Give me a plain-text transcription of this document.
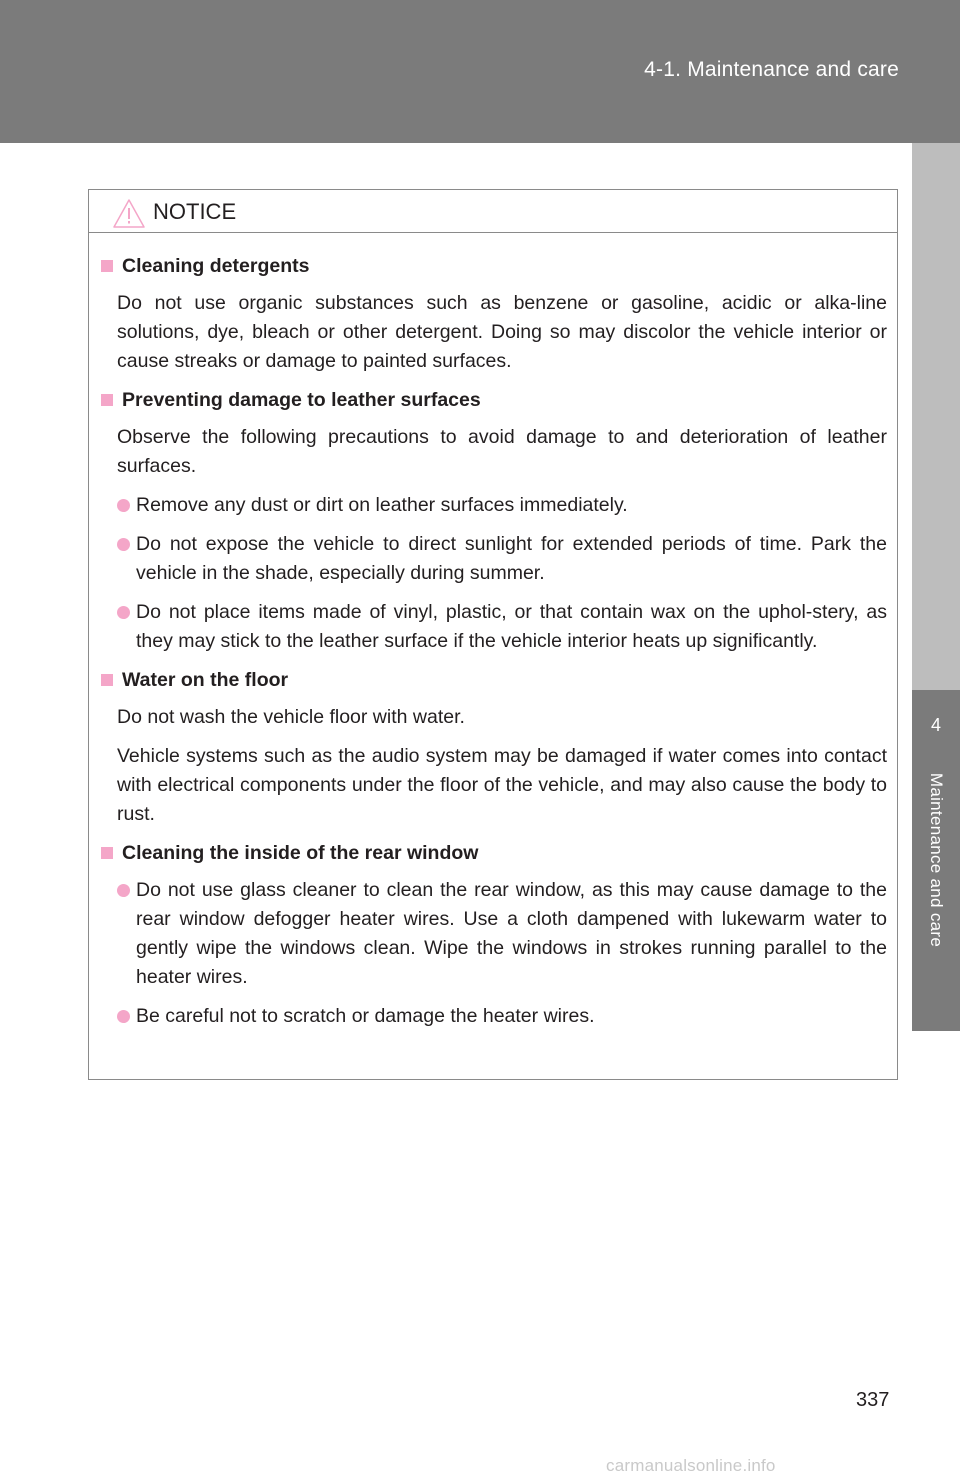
4-1. Maintenance and care
4
Maintenance and care
NOTICE
Cleaning detergents
Do not use organic substances such as benzene or gasoline, acidic or alka-line solutions, dye, bleach or other detergent. Doing so may discolor the vehicle interior or cause streaks or damage to painted surfaces.
Preventing damage to leather surfaces
Observe the following precautions to avoid damage to and deterioration of leather surfaces.
Remove any dust or dirt on leather surfaces immediately.
Do not expose the vehicle to direct sunlight for extended periods of time. Park the vehicle in the shade, especially during summer.
Do not place items made of vinyl, plastic, or that contain wax on the uphol-stery, as they may stick to the leather surface if the vehicle interior heats up significantly.
Water on the floor
Do not wash the vehicle floor with water.
Vehicle systems such as the audio system may be damaged if water comes into contact with electrical components under the floor of the vehicle, and may also cause the body to rust.
Cleaning the inside of the rear window
Do not use glass cleaner to clean the rear window, as this may cause damage to the rear window defogger heater wires. Use a cloth dampened with lukewarm water to gently wipe the windows clean. Wipe the windows in strokes running parallel to the heater wires.
Be careful not to scratch or damage the heater wires.
337
carmanualsonline.info
